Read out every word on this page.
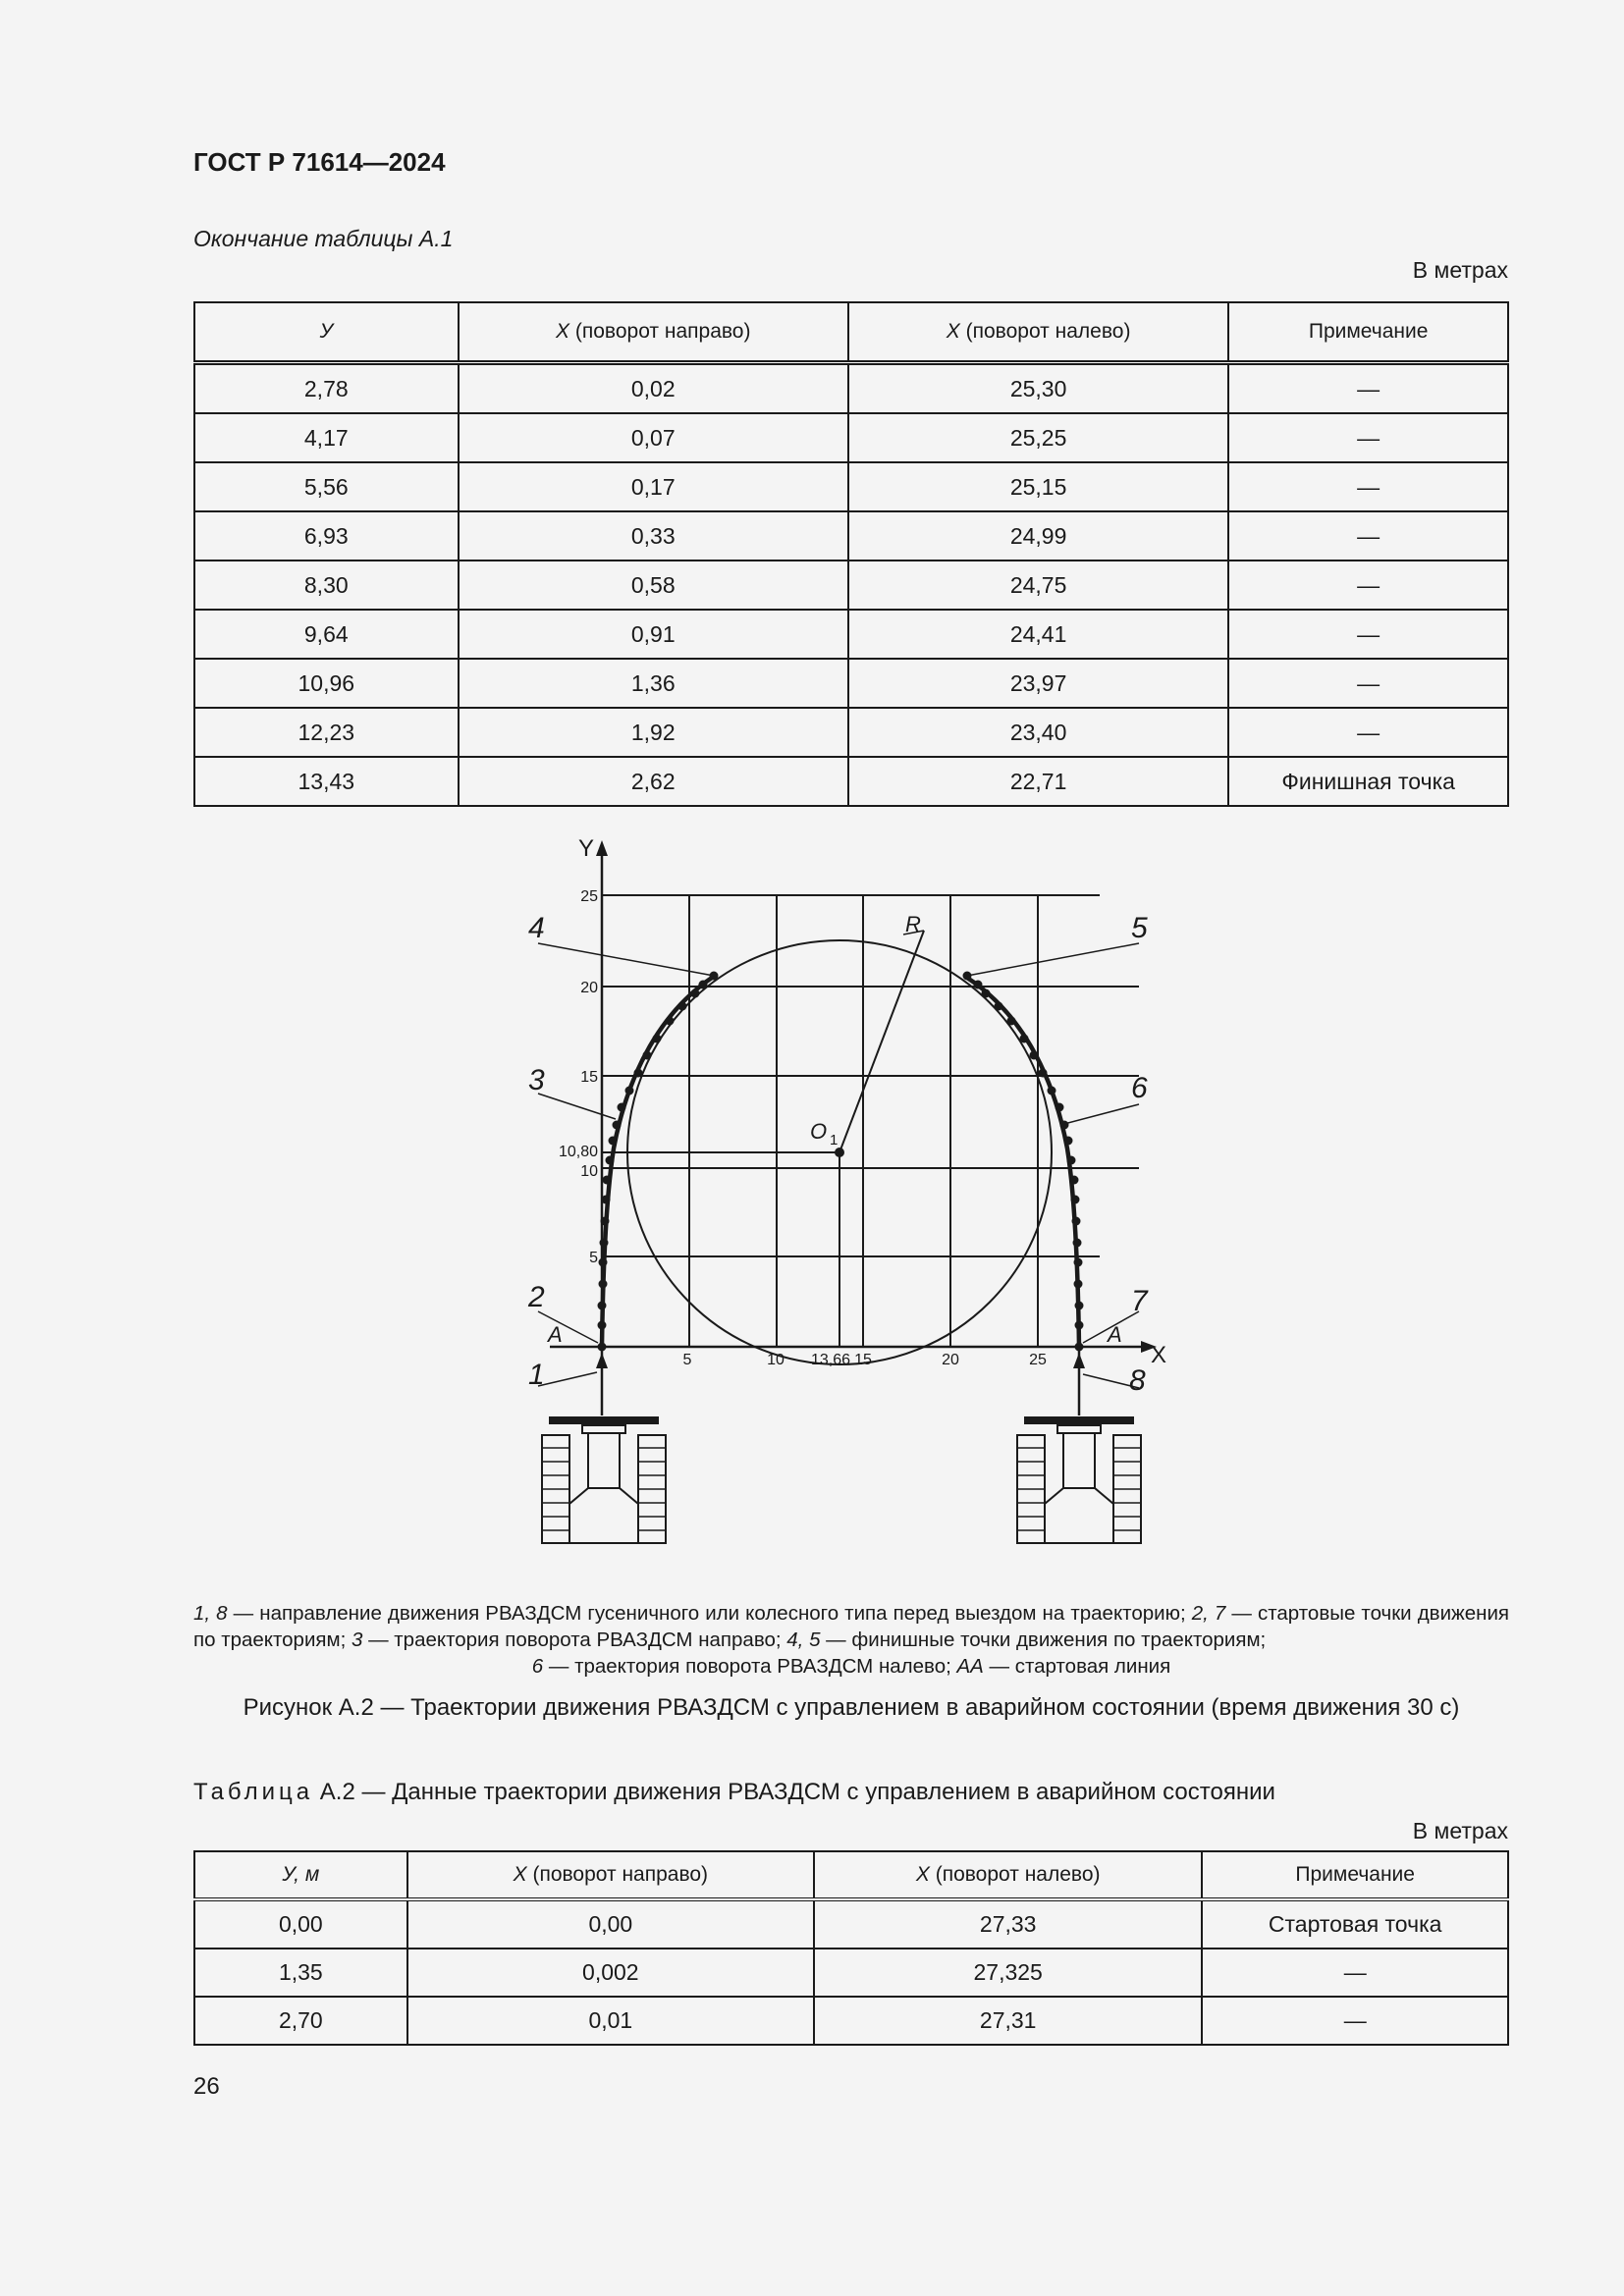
ГОСТ Р 71614—2024
Окончание таблицы А.1
В метрах
У	X (поворот направо)	X (поворот налево)	Примечание
2,78	0,02	25,30	—
4,17	0,07	25,25	—
5,56	0,17	25,15	—
6,93	0,33	24,99	—
8,30	0,58	24,75	—
9,64	0,91	24,41	—
10,96	1,36	23,97	—
12,23	1,92	23,40	—
13,43	2,62	22,71	Финишная точка
Y
X
25
20
15
10,80
10
5
5	10 13,66 15	20	25
R
O 1
A	A
4	5
3	6
2	7
1	8
1, 8 — направление движения РВАЗДСМ гусеничного или колесного типа перед выездом на траекторию; 2, 7 — стартовые точки движения по траекториям; 3 — траектория поворота РВАЗДСМ направо; 4, 5 — финишные точки движения по траекториям;
6 — траектория поворота РВАЗДСМ налево; АА — стартовая линия
Рисунок А.2 — Траектории движения РВАЗДСМ с управлением в аварийном состоянии (время движения 30 с)
Таблица А.2 — Данные траектории движения РВАЗДСМ с управлением в аварийном состоянии
В метрах
У, м	X (поворот направо)	X (поворот налево)	Примечание
0,00	0,00	27,33	Стартовая точка
1,35	0,002	27,325	—
2,70	0,01	27,31	—
26
